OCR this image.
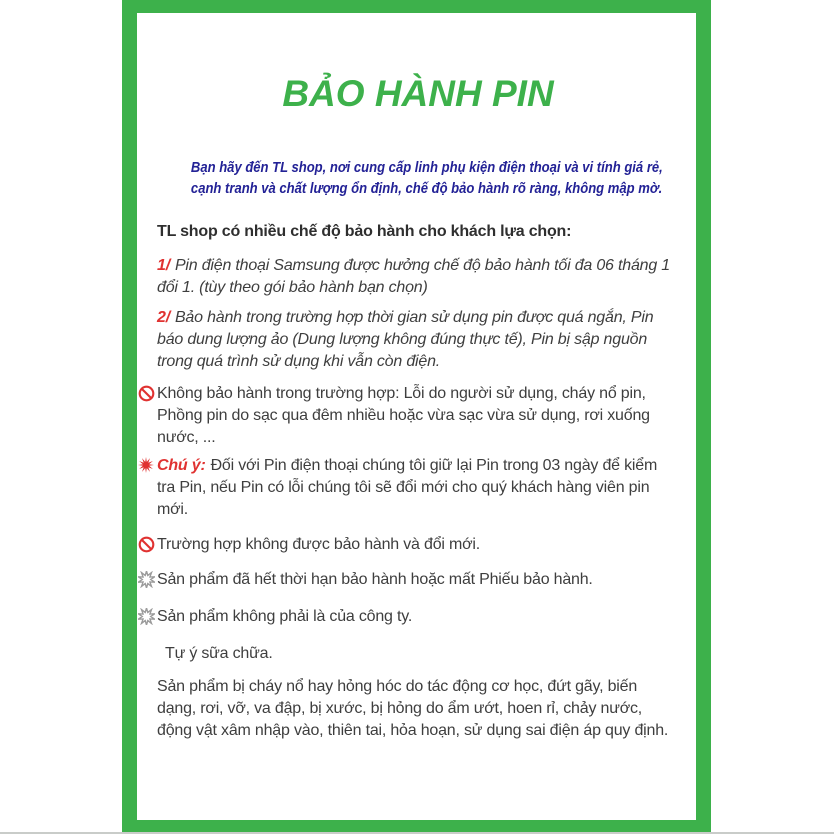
BẢO HÀNH PIN

Bạn hãy đến TL shop, nơi cung cấp linh phụ kiện điện thoại và vi tính giá rẻ,
cạnh tranh và chất lượng ổn định, chế độ bảo hành rõ ràng, không mập mờ.

TL shop có nhiều chế độ bảo hành cho khách lựa chọn:

1/ Pin điện thoại Samsung được hưởng chế độ bảo hành tối đa 06 tháng 1 đổi 1. (tùy theo gói bảo hành bạn chọn)

2/ Bảo hành trong trường hợp thời gian sử dụng pin được quá ngắn, Pin báo dung lượng ảo (Dung lượng không đúng thực tế), Pin bị sập nguồn trong quá trình sử dụng khi vẫn còn điện.

Không bảo hành trong trường hợp: Lỗi do người sử dụng, cháy nổ pin, Phồng pin do sạc qua đêm nhiều hoặc vừa sạc vừa sử dụng, rơi xuống nước, ...

Chú ý: Đối với Pin điện thoại chúng tôi giữ lại Pin trong 03 ngày để kiểm tra Pin, nếu Pin có lỗi chúng tôi sẽ đổi mới cho quý khách hàng viên pin mới.

Trường hợp không được bảo hành và đổi mới.

Sản phẩm đã hết thời hạn bảo hành hoặc mất Phiếu bảo hành.

Sản phẩm không phải là của công ty.

Tự ý sữa chữa.

Sản phẩm bị cháy nổ hay hỏng hóc do tác động cơ học, đứt gãy, biến dạng, rơi, vỡ, va đập, bị xước, bị hỏng do ẩm ướt, hoen rỉ, chảy nước, động vật xâm nhập vào, thiên tai, hỏa hoạn, sử dụng sai điện áp quy định.
